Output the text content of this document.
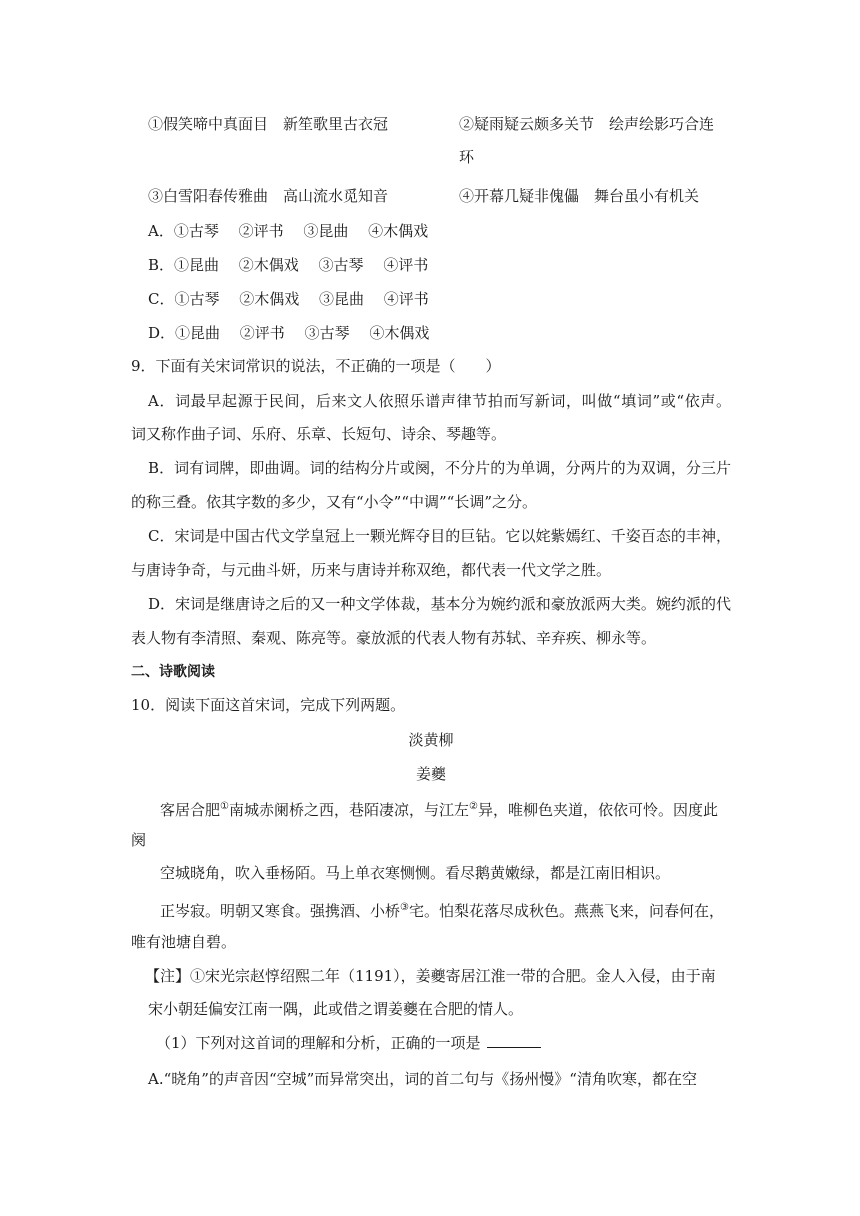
①假笑啼中真面目　新笙歌里古衣冠	②疑雨疑云颇多关节　绘声绘影巧合连
环
③白雪阳春传雅曲　高山流水觅知音	④开幕几疑非傀儡　舞台虽小有机关
A．①古琴　 ②评书　 ③昆曲　 ④木偶戏
B．①昆曲　 ②木偶戏　 ③古琴　 ④评书
C．①古琴　 ②木偶戏　 ③昆曲　 ④评书
D．①昆曲　 ②评书　 ③古琴　 ④木偶戏
9．下面有关宋词常识的说法，不正确的一项是（　　）
A．词最早起源于民间，后来文人依照乐谱声律节拍而写新词，叫做“填词”或“依声。
词又称作曲子词、乐府、乐章、长短句、诗余、琴趣等。
B．词有词牌，即曲调。词的结构分片或阕，不分片的为单调，分两片的为双调，分三片
的称三叠。依其字数的多少，又有“小令”“中调”“长调”之分。
C．宋词是中国古代文学皇冠上一颗光辉夺目的巨钻。它以姹紫嫣红、千姿百态的丰神，
与唐诗争奇，与元曲斗妍，历来与唐诗并称双绝，都代表一代文学之胜。
D．宋词是继唐诗之后的又一种文学体裁，基本分为婉约派和豪放派两大类。婉约派的代
表人物有李清照、秦观、陈亮等。豪放派的代表人物有苏轼、辛弃疾、柳永等。
二、诗歌阅读
10．阅读下面这首宋词，完成下列两题。
淡黄柳
姜夔
客居合肥①南城赤阑桥之西，巷陌凄凉，与江左②异，唯柳色夹道，依依可怜。因度此
阕
空城晓角，吹入垂杨陌。马上单衣寒恻恻。看尽鹅黄嫩绿，都是江南旧相识。
正岑寂。明朝又寒食。强携酒、小桥③宅。怕梨花落尽成秋色。燕燕飞来，问春何在，
唯有池塘自碧。
【注】①宋光宗赵惇绍熙二年（1191），姜夔寄居江淮一带的合肥。金人入侵，由于南
宋小朝廷偏安江南一隅，此或借之谓姜夔在合肥的情人。
（1）下列对这首词的理解和分析，正确的一项是
A.“晓角”的声音因“空城”而异常突出，词的首二句与《扬州慢》“清角吹寒，都在空
